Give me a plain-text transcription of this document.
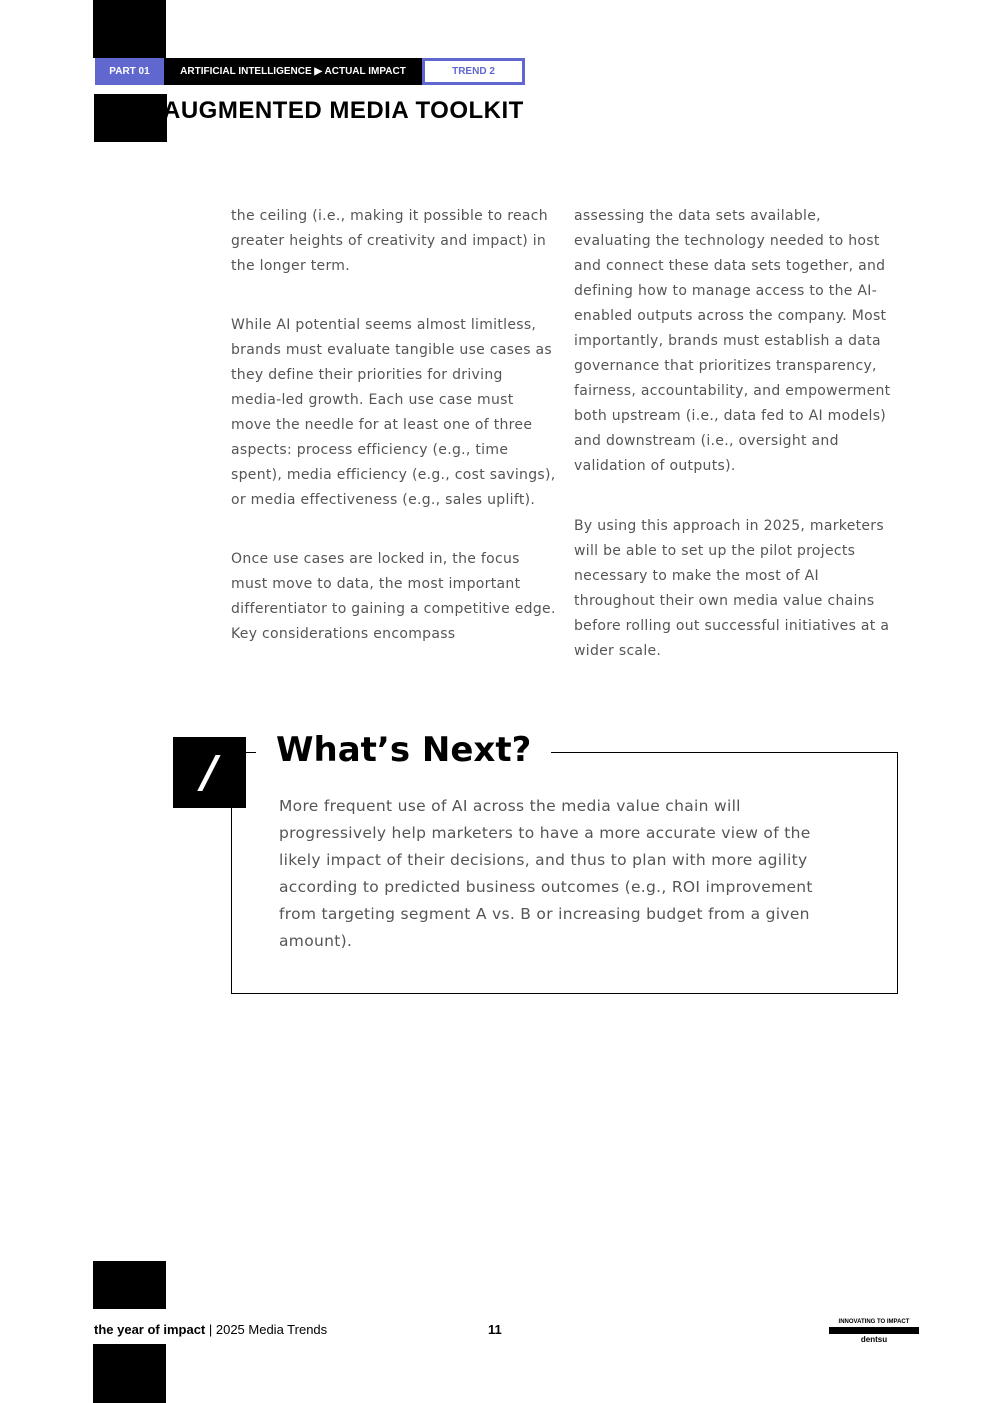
PART 01	ARTIFICIAL INTELLIGENCE ▶ ACTUAL IMPACT	TREND 2
AUGMENTED MEDIA TOOLKIT

the ceiling (i.e., making it possible to reach greater heights of creativity and impact) in the longer term.

While AI potential seems almost limitless, brands must evaluate tangible use cases as they define their priorities for driving media-led growth. Each use case must move the needle for at least one of three aspects: process efficiency (e.g., time spent), media efficiency (e.g., cost savings), or media effectiveness (e.g., sales uplift).

Once use cases are locked in, the focus must move to data, the most important differentiator to gaining a competitive edge. Key considerations encompass

assessing the data sets available, evaluating the technology needed to host and connect these data sets together, and defining how to manage access to the AI-enabled outputs across the company. Most importantly, brands must establish a data governance that prioritizes transparency, fairness, accountability, and empowerment both upstream (i.e., data fed to AI models) and downstream (i.e., oversight and validation of outputs).

By using this approach in 2025, marketers will be able to set up the pilot projects necessary to make the most of AI throughout their own media value chains before rolling out successful initiatives at a wider scale.

/	What’s Next?

More frequent use of AI across the media value chain will progressively help marketers to have a more accurate view of the likely impact of their decisions, and thus to plan with more agility according to predicted business outcomes (e.g., ROI improvement from targeting segment A vs. B or increasing budget from a given amount).

the year of impact | 2025 Media Trends	11	INNOVATING TO IMPACT
dentsu
